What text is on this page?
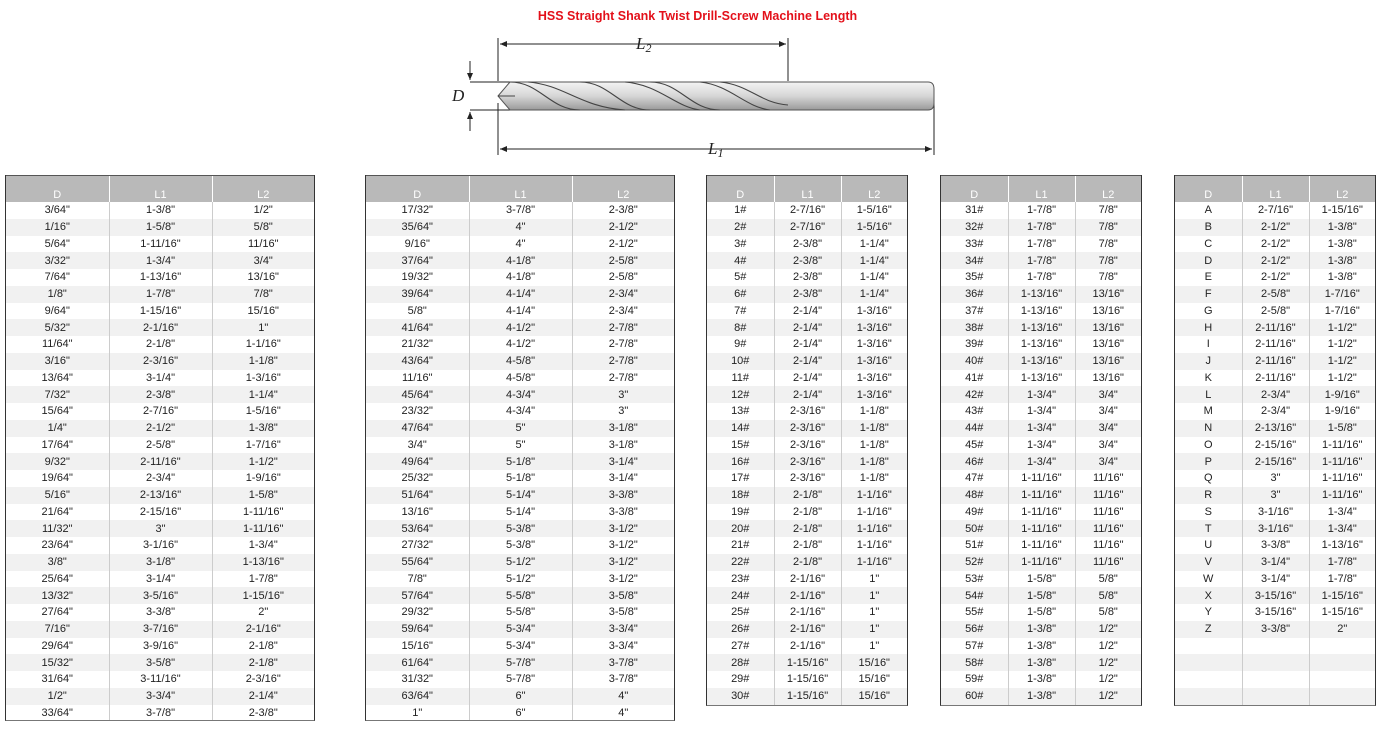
HSS Straight Shank Twist Drill-Screw Machine Length
D
L2
L1
D	L1	L2
3/64"	1-3/8"	1/2"
1/16"	1-5/8"	5/8"
5/64"	1-11/16"	11/16"
3/32"	1-3/4"	3/4"
7/64"	1-13/16"	13/16"
1/8"	1-7/8"	7/8"
9/64"	1-15/16"	15/16"
5/32"	2-1/16"	1"
11/64"	2-1/8"	1-1/16"
3/16"	2-3/16"	1-1/8"
13/64"	3-1/4"	1-3/16"
7/32"	2-3/8"	1-1/4"
15/64"	2-7/16"	1-5/16"
1/4"	2-1/2"	1-3/8"
17/64"	2-5/8"	1-7/16"
9/32"	2-11/16"	1-1/2"
19/64"	2-3/4"	1-9/16"
5/16"	2-13/16"	1-5/8"
21/64"	2-15/16"	1-11/16"
11/32"	3"	1-11/16"
23/64"	3-1/16"	1-3/4"
3/8"	3-1/8"	1-13/16"
25/64"	3-1/4"	1-7/8"
13/32"	3-5/16"	1-15/16"
27/64"	3-3/8"	2"
7/16"	3-7/16"	2-1/16"
29/64"	3-9/16"	2-1/8"
15/32"	3-5/8"	2-1/8"
31/64"	3-11/16"	2-3/16"
1/2"	3-3/4"	2-1/4"
33/64"	3-7/8"	2-3/8"
D	L1	L2
17/32"	3-7/8"	2-3/8"
35/64"	4"	2-1/2"
9/16"	4"	2-1/2"
37/64"	4-1/8"	2-5/8"
19/32"	4-1/8"	2-5/8"
39/64"	4-1/4"	2-3/4"
5/8"	4-1/4"	2-3/4"
41/64"	4-1/2"	2-7/8"
21/32"	4-1/2"	2-7/8"
43/64"	4-5/8"	2-7/8"
11/16"	4-5/8"	2-7/8"
45/64"	4-3/4"	3"
23/32"	4-3/4"	3"
47/64"	5"	3-1/8"
3/4"	5"	3-1/8"
49/64"	5-1/8"	3-1/4"
25/32"	5-1/8"	3-1/4"
51/64"	5-1/4"	3-3/8"
13/16"	5-1/4"	3-3/8"
53/64"	5-3/8"	3-1/2"
27/32"	5-3/8"	3-1/2"
55/64"	5-1/2"	3-1/2"
7/8"	5-1/2"	3-1/2"
57/64"	5-5/8"	3-5/8"
29/32"	5-5/8"	3-5/8"
59/64"	5-3/4"	3-3/4"
15/16"	5-3/4"	3-3/4"
61/64"	5-7/8"	3-7/8"
31/32"	5-7/8"	3-7/8"
63/64"	6"	4"
1"	6"	4"
D	L1	L2
1#	2-7/16"	1-5/16"
2#	2-7/16"	1-5/16"
3#	2-3/8"	1-1/4"
4#	2-3/8"	1-1/4"
5#	2-3/8"	1-1/4"
6#	2-3/8"	1-1/4"
7#	2-1/4"	1-3/16"
8#	2-1/4"	1-3/16"
9#	2-1/4"	1-3/16"
10#	2-1/4"	1-3/16"
11#	2-1/4"	1-3/16"
12#	2-1/4"	1-3/16"
13#	2-3/16"	1-1/8"
14#	2-3/16"	1-1/8"
15#	2-3/16"	1-1/8"
16#	2-3/16"	1-1/8"
17#	2-3/16"	1-1/8"
18#	2-1/8"	1-1/16"
19#	2-1/8"	1-1/16"
20#	2-1/8"	1-1/16"
21#	2-1/8"	1-1/16"
22#	2-1/8"	1-1/16"
23#	2-1/16"	1"
24#	2-1/16"	1"
25#	2-1/16"	1"
26#	2-1/16"	1"
27#	2-1/16"	1"
28#	1-15/16"	15/16"
29#	1-15/16"	15/16"
30#	1-15/16"	15/16"
D	L1	L2
31#	1-7/8"	7/8"
32#	1-7/8"	7/8"
33#	1-7/8"	7/8"
34#	1-7/8"	7/8"
35#	1-7/8"	7/8"
36#	1-13/16"	13/16"
37#	1-13/16"	13/16"
38#	1-13/16"	13/16"
39#	1-13/16"	13/16"
40#	1-13/16"	13/16"
41#	1-13/16"	13/16"
42#	1-3/4"	3/4"
43#	1-3/4"	3/4"
44#	1-3/4"	3/4"
45#	1-3/4"	3/4"
46#	1-3/4"	3/4"
47#	1-11/16"	11/16"
48#	1-11/16"	11/16"
49#	1-11/16"	11/16"
50#	1-11/16"	11/16"
51#	1-11/16"	11/16"
52#	1-11/16"	11/16"
53#	1-5/8"	5/8"
54#	1-5/8"	5/8"
55#	1-5/8"	5/8"
56#	1-3/8"	1/2"
57#	1-3/8"	1/2"
58#	1-3/8"	1/2"
59#	1-3/8"	1/2"
60#	1-3/8"	1/2"
D	L1	L2
A	2-7/16"	1-15/16"
B	2-1/2"	1-3/8"
C	2-1/2"	1-3/8"
D	2-1/2"	1-3/8"
E	2-1/2"	1-3/8"
F	2-5/8"	1-7/16"
G	2-5/8"	1-7/16"
H	2-11/16"	1-1/2"
I	2-11/16"	1-1/2"
J	2-11/16"	1-1/2"
K	2-11/16"	1-1/2"
L	2-3/4"	1-9/16"
M	2-3/4"	1-9/16"
N	2-13/16"	1-5/8"
O	2-15/16"	1-11/16"
P	2-15/16"	1-11/16"
Q	3"	1-11/16"
R	3"	1-11/16"
S	3-1/16"	1-3/4"
T	3-1/16"	1-3/4"
U	3-3/8"	1-13/16"
V	3-1/4"	1-7/8"
W	3-1/4"	1-7/8"
X	3-15/16"	1-15/16"
Y	3-15/16"	1-15/16"
Z	3-3/8"	2"
